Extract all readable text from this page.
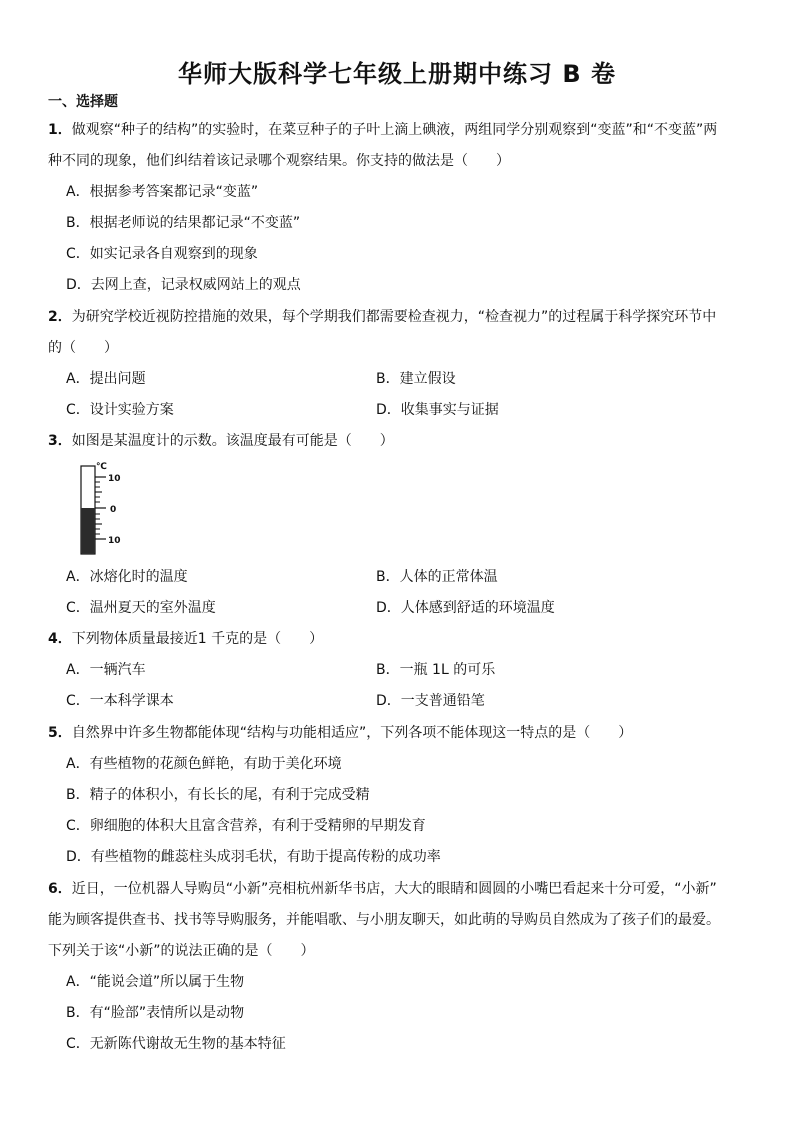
华师大版科学七年级上册期中练习 B 卷
一、选择题
1．做观察“种子的结构”的实验时，在菜豆种子的子叶上滴上碘液，两组同学分别观察到“变蓝”和“不变蓝”两
种不同的现象，他们纠结着该记录哪个观察结果。你支持的做法是（　　）
A．根据参考答案都记录“变蓝”
B．根据老师说的结果都记录“不变蓝”
C．如实记录各自观察到的现象
D．去网上查，记录权威网站上的观点
2．为研究学校近视防控措施的效果，每个学期我们都需要检查视力，“检查视力”的过程属于科学探究环节中
的（　　）
A．提出问题	B．建立假设
C．设计实验方案	D．收集事实与证据
3．如图是某温度计的示数。该温度最有可能是（　　）
℃
10
0
10
A．冰熔化时的温度	B．人体的正常体温
C．温州夏天的室外温度	D．人体感到舒适的环境温度
4．下列物体质量最接近1 千克的是（　　）
A．一辆汽车	B．一瓶 1L 的可乐
C．一本科学课本	D．一支普通铅笔
5．自然界中许多生物都能体现“结构与功能相适应”，下列各项不能体现这一特点的是（　　）
A．有些植物的花颜色鲜艳，有助于美化环境
B．精子的体积小，有长长的尾，有利于完成受精
C．卵细胞的体积大且富含营养，有利于受精卵的早期发育
D．有些植物的雌蕊柱头成羽毛状，有助于提高传粉的成功率
6．近日，一位机器人导购员“小新”亮相杭州新华书店，大大的眼睛和圆圆的小嘴巴看起来十分可爱，“小新”
能为顾客提供查书、找书等导购服务，并能唱歌、与小朋友聊天，如此萌的导购员自然成为了孩子们的最爱。
下列关于该“小新”的说法正确的是（　　）
A．“能说会道”所以属于生物
B．有“脸部”表情所以是动物
C．无新陈代谢故无生物的基本特征
